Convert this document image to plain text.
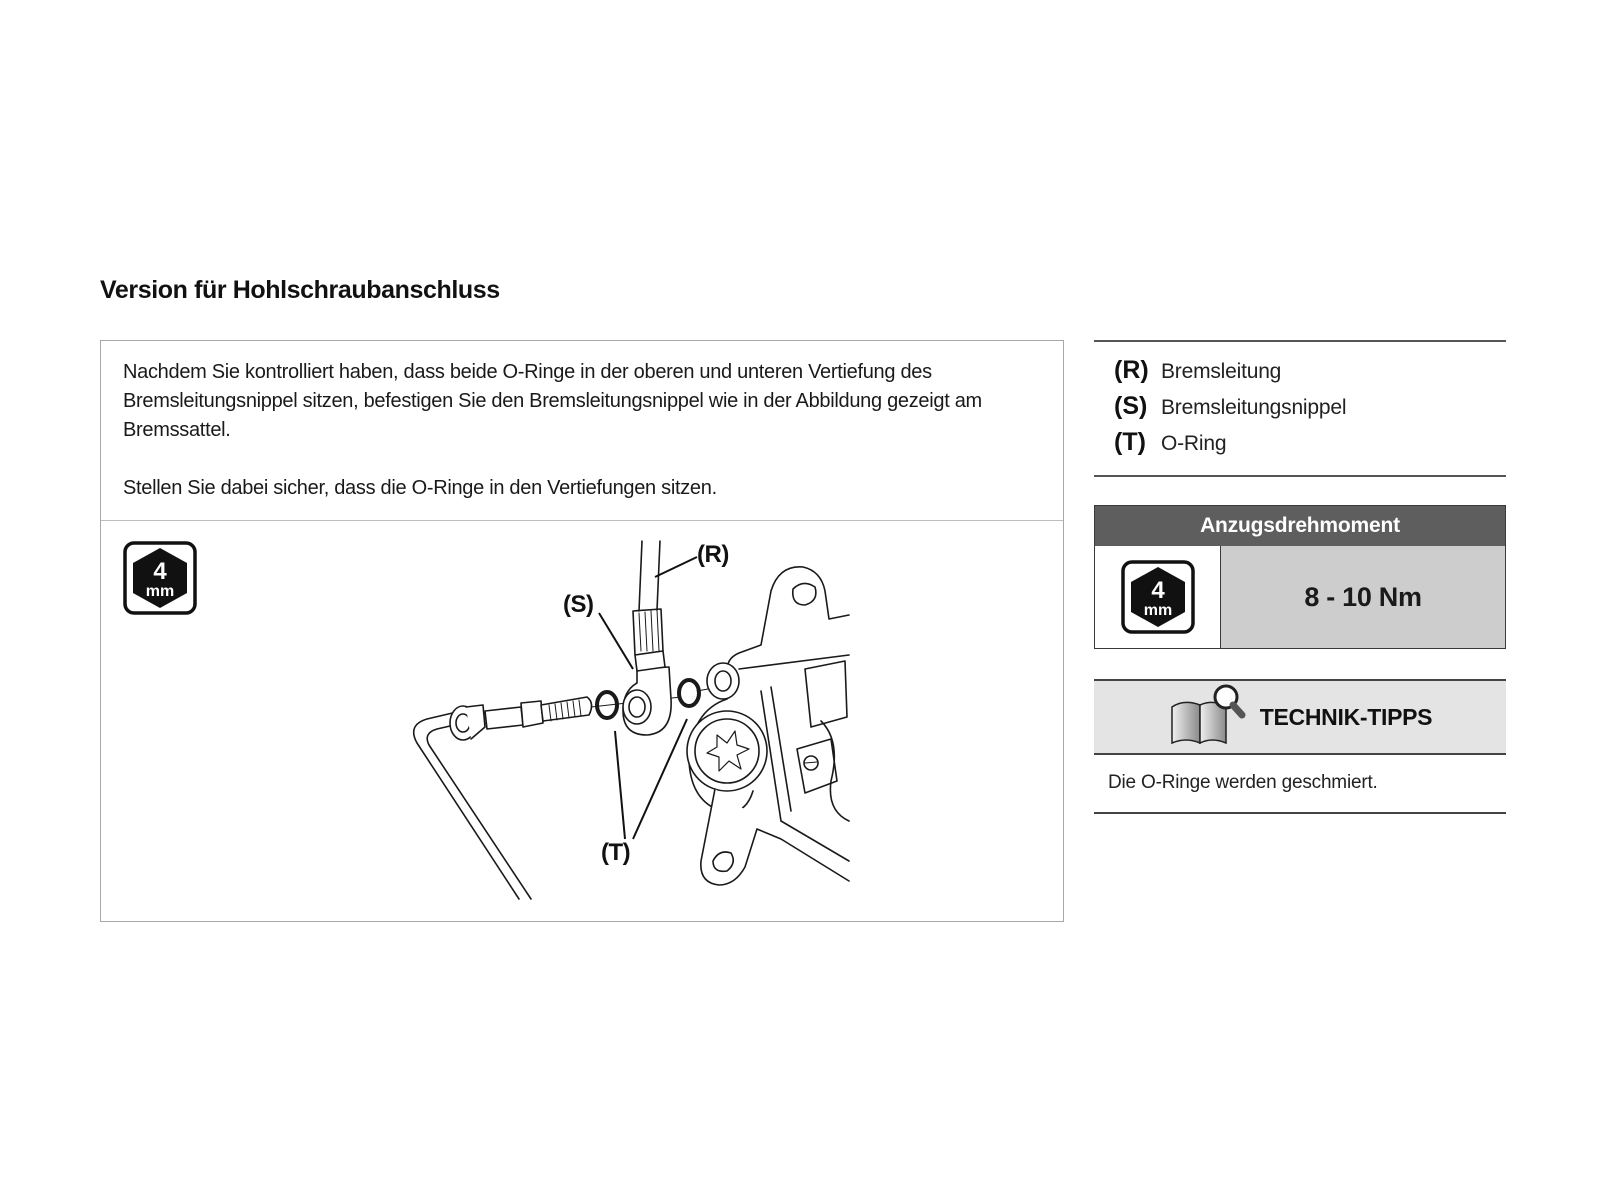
Version für Hohlschraubanschluss

Nachdem Sie kontrolliert haben, dass beide O-Ringe in der oberen und unteren Vertiefung des Bremsleitungsnippel sitzen, befestigen Sie den Bremsleitungsnippel wie in der Abbildung gezeigt am Bremssattel.

Stellen Sie dabei sicher, dass die O-Ringe in den Vertiefungen sitzen.

4
mm
(R)
(S)
(T)
(R) Bremsleitung
(S) Bremsleitungsnippel
(T) O-Ring
Anzugsdrehmoment
4
mm	8 - 10 Nm
TECHNIK-TIPPS
Die O-Ringe werden geschmiert.
